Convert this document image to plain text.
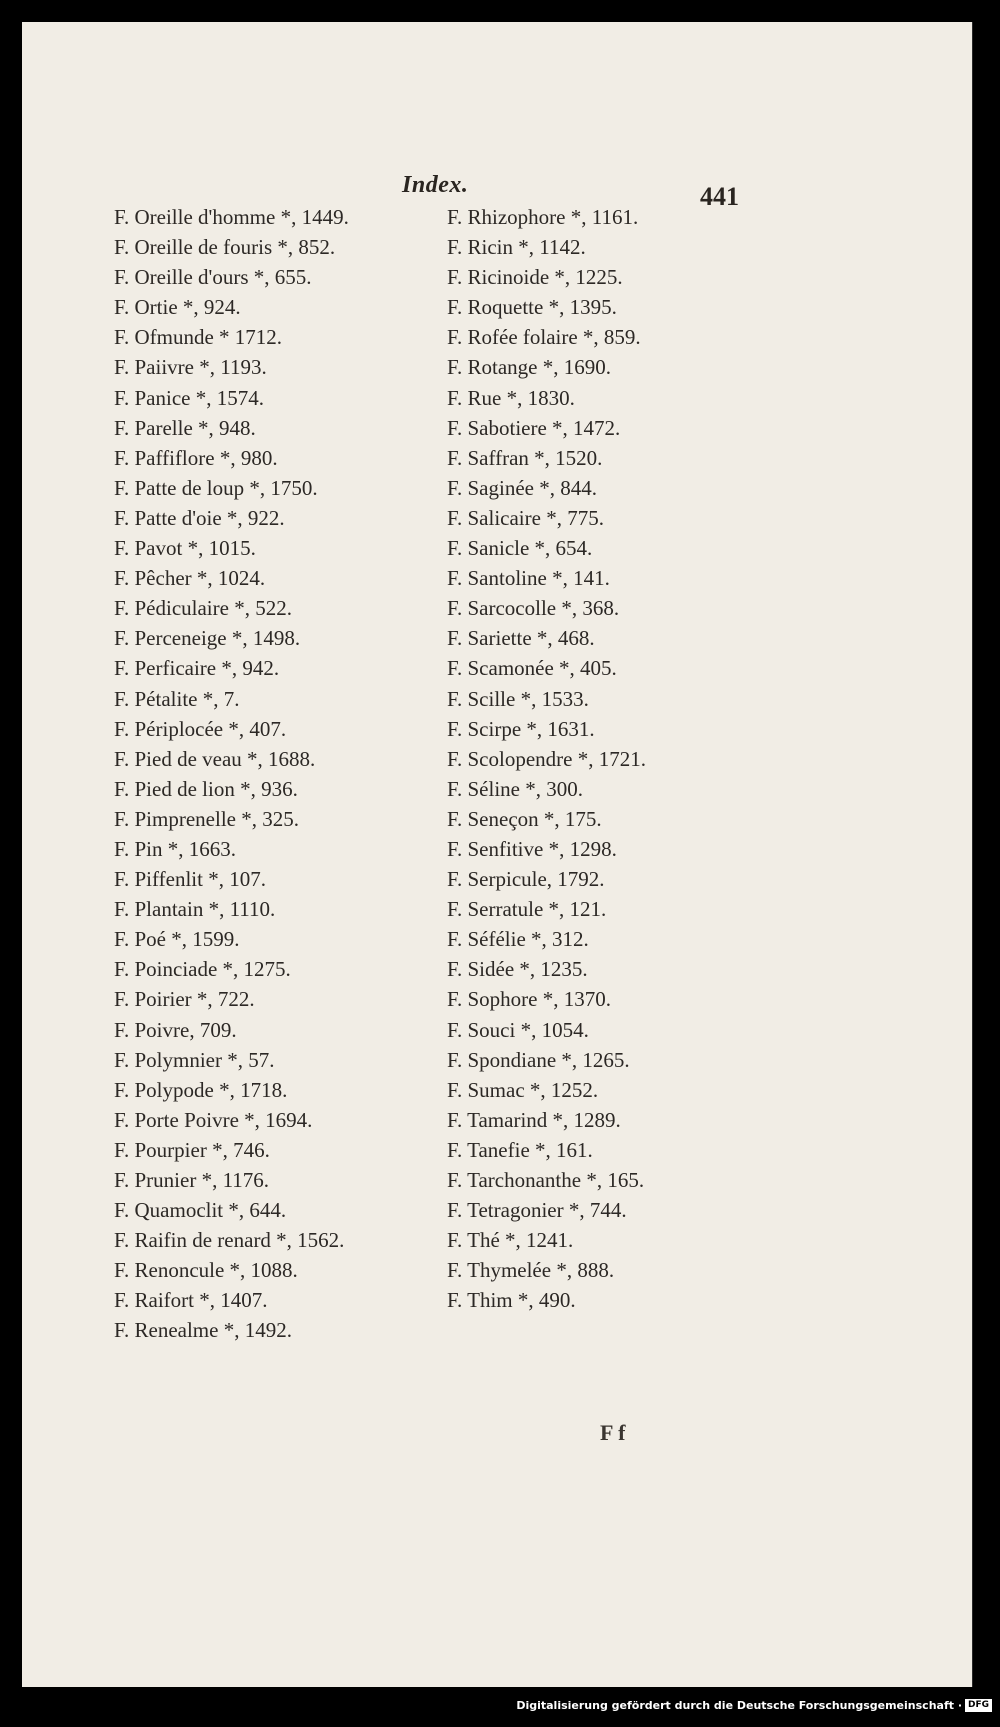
Index.	441
F. Oreille d'homme *, 1449.
F. Oreille de fouris *, 852.
F. Oreille d'ours *, 655.
F. Ortie *, 924.
F. Ofmunde * 1712.
F. Paiivre *, 1193.
F. Panice *, 1574.
F. Parelle *, 948.
F. Paffiflore *, 980.
F. Patte de loup *, 1750.
F. Patte d'oie *, 922.
F. Pavot *, 1015.
F. Pêcher *, 1024.
F. Pédiculaire *, 522.
F. Perceneige *, 1498.
F. Perficaire *, 942.
F. Pétalite *, 7.
F. Périplocée *, 407.
F. Pied de veau *, 1688.
F. Pied de lion *, 936.
F. Pimprenelle *, 325.
F. Pin *, 1663.
F. Piffenlit *, 107.
F. Plantain *, 1110.
F. Poé *, 1599.
F. Poinciade *, 1275.
F. Poirier *, 722.
F. Poivre, 709.
F. Polymnier *, 57.
F. Polypode *, 1718.
F. Porte Poivre *, 1694.
F. Pourpier *, 746.
F. Prunier *, 1176.
F. Quamoclit *, 644.
F. Raifin de renard *, 1562.
F. Renoncule *, 1088.
F. Raifort *, 1407.
F. Renealme *, 1492.
F. Rhizophore *, 1161.
F. Ricin *, 1142.
F. Ricinoide *, 1225.
F. Roquette *, 1395.
F. Rofée folaire *, 859.
F. Rotange *, 1690.
F. Rue *, 1830.
F. Sabotiere *, 1472.
F. Saffran *, 1520.
F. Saginée *, 844.
F. Salicaire *, 775.
F. Sanicle *, 654.
F. Santoline *, 141.
F. Sarcocolle *, 368.
F. Sariette *, 468.
F. Scamonée *, 405.
F. Scille *, 1533.
F. Scirpe *, 1631.
F. Scolopendre *, 1721.
F. Séline *, 300.
F. Seneçon *, 175.
F. Senfitive *, 1298.
F. Serpicule, 1792.
F. Serratule *, 121.
F. Séfélie *, 312.
F. Sidée *, 1235.
F. Sophore *, 1370.
F. Souci *, 1054.
F. Spondiane *, 1265.
F. Sumac *, 1252.
F. Tamarind *, 1289.
F. Tanefie *, 161.
F. Tarchonanthe *, 165.
F. Tetragonier *, 744.
F. Thé *, 1241.
F. Thymelée *, 888.
F. Thim *, 490.
F f
Digitalisierung gefördert durch die Deutsche Forschungsgemeinschaft · DFG
